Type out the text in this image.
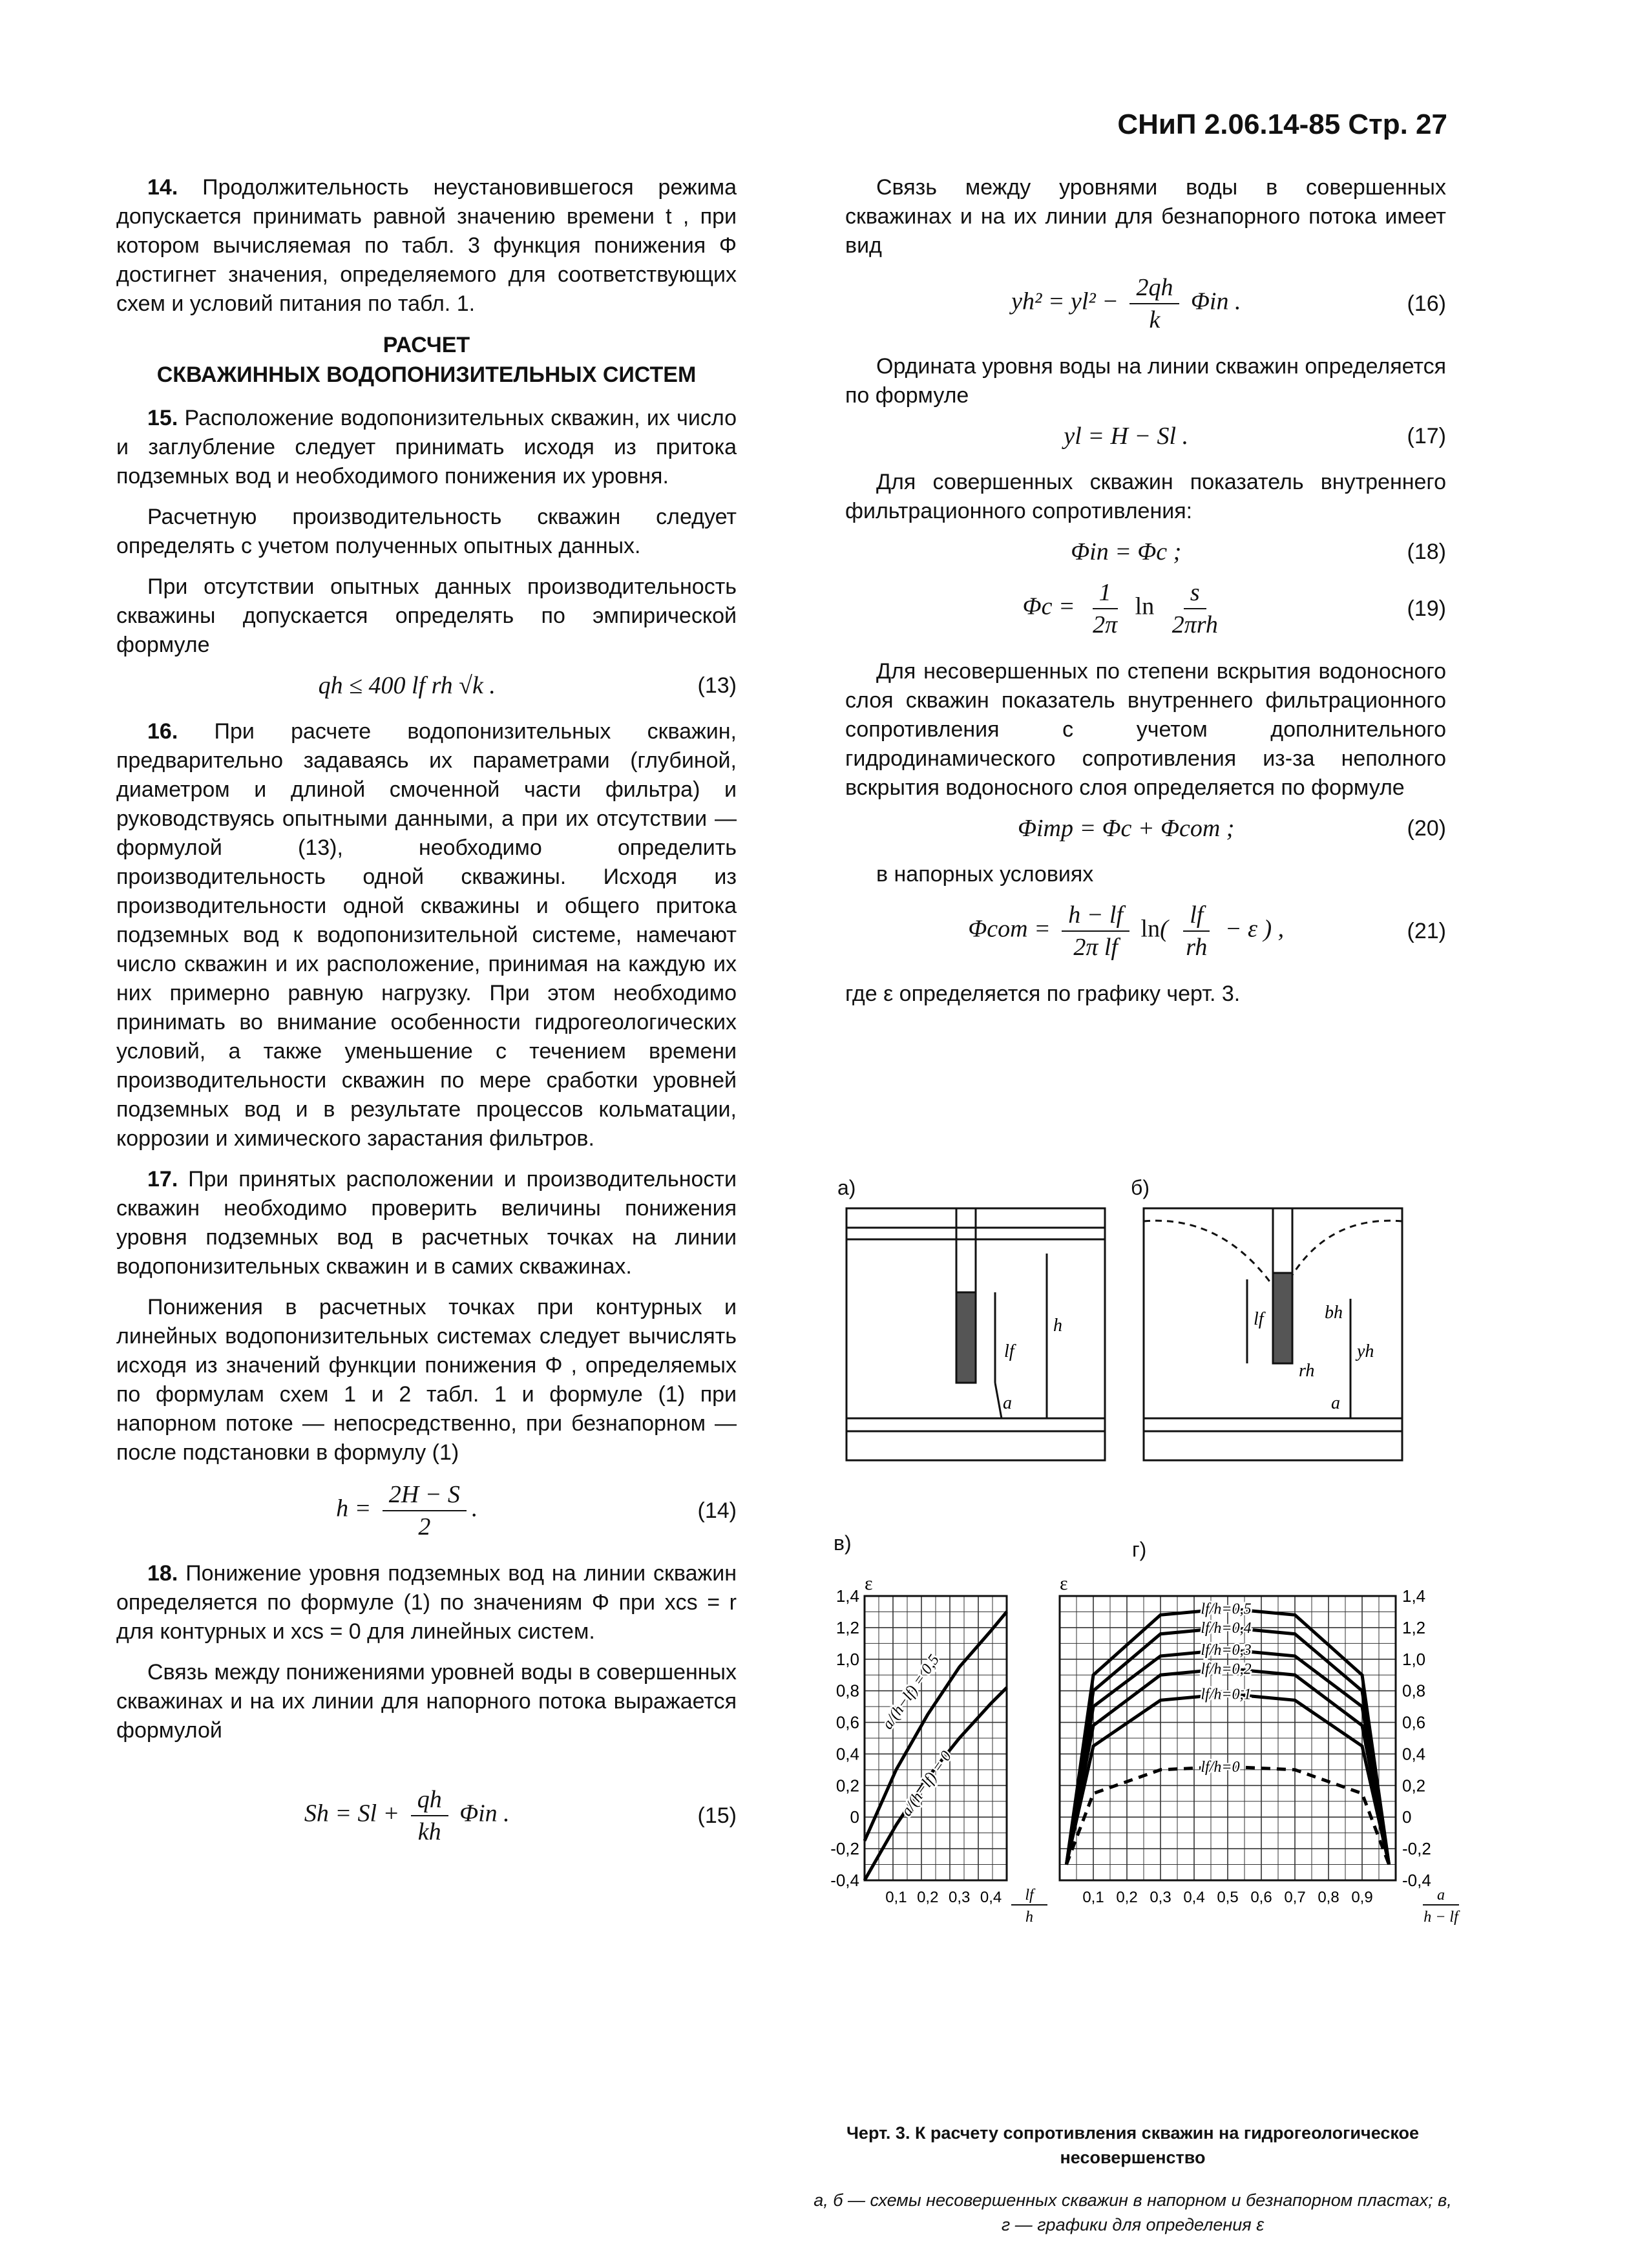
СНиП 2.06.14-85 Стр. 27

14. Продолжительность неустановившегося режима допускается принимать равной значению времени t , при котором вычисляемая по табл. 3 функция понижения Φ достигнет значения, определяемого для соответствующих схем и условий питания по табл. 1.

РАСЧЕТ
СКВАЖИННЫХ ВОДОПОНИЗИТЕЛЬНЫХ СИСТЕМ

15. Расположение водопонизительных скважин, их число и заглубление следует принимать исходя из притока подземных вод и необходимого понижения их уровня.

Расчетную производительность скважин следует определять с учетом полученных опытных данных.

При отсутствии опытных данных производительность скважины допускается определять по эмпирической формуле

qh ≤ 400 lf rh √k .	(13)

16. При расчете водопонизительных скважин, предварительно задаваясь их параметрами (глубиной, диаметром и длиной смоченной части фильтра) и руководствуясь опытными данными, а при их отсутствии — формулой (13), необходимо определить производительность одной скважины. Исходя из производительности одной скважины и общего притока подземных вод к водопонизительной системе, намечают число скважин и их расположение, принимая на каждую их них примерно равную нагрузку. При этом необходимо принимать во внимание особенности гидрогеологических условий, а также уменьшение с течением времени производительности скважин по мере сработки уровней подземных вод и в результате процессов кольматации, коррозии и химического зарастания фильтров.

17. При принятых расположении и производительности скважин необходимо проверить величины понижения уровня подземных вод в расчетных точках на линии водопонизительных скважин и в самих скважинах.

Понижения в расчетных точках при контурных и линейных водопонизительных системах следует вычислять исходя из значений функции понижения Φ , определяемых по формулам схем 1 и 2 табл. 1 и формуле (1) при напорном потоке — непосредственно, при безнапорном — после подстановки в формулу (1)

$h = \frac{2H - S}{2}$ .	(14)

18. Понижение уровня подземных вод на линии скважин определяется по формуле (1) по значениям Φ при xcs = r для контурных и xcs = 0 для линейных систем.

Связь между понижениями уровней воды в совершенных скважинах и на их линии для напорного потока выражается формулой

$Sh = Sl + \frac{qh}{kh}$ Φin .	(15)

Связь между уровнями воды в совершенных скважинах и на их линии для безнапорного потока имеет вид

$yh^2 = yl^2 - \frac{2qh}{k}$ Φin .	(16)

Ордината уровня воды на линии скважин определяется по формуле

yl = H − Sl .	(17)

Для совершенных скважин показатель внутреннего фильтрационного сопротивления:

Φin = Φc ;	(18)
$\Phi c = \frac{1}{2\pi}$ $\ln \frac{s}{\text{2πrh}}$	(19)

Для несовершенных по степени вскрытия водоносного слоя скважин показатель внутреннего фильтрационного сопротивления с учетом дополнительного гидродинамического сопротивления из-за неполного вскрытия водоносного слоя определяется по формуле

Φimp = Φc + Φcom ;	(20)

в напорных условиях

$\Phi com = \frac{h - lf}{\text{2π lf}} \ln( \frac{lf}{rh} - \varepsilon$ ) ,	(21)

где ε определяется по графику черт. 3.

а)	б)
lf
h
a
lf	bh
yh
rh
a
в)	г)
1,4
1,2
1,0
0,8
0,6
0,4
0,2
0
-0,2
-0,4
0,1 0,2 0,3 0,4
ε
lf
h
a/(h−lf) = 0,5
a/(h−lf) = 0
1,4
1,2
1,0
0,8
0,6
0,4
0,2
0
-0,2
-0,4
0,1 0,2 0,3 0,4 0,5 0,6 0,7 0,8 0,9
ε
a
h − lf
lf/h=0,5
lf/h=0,4
lf/h=0,3
lf/h=0,2
lf/h=0,1
lf/h=0
Черт. 3. К расчету сопротивления скважин на гидрогеологическое несовершенство
а, б — схемы несовершенных скважин в напорном и безнапорном пластах; в, г — графики для определения ε
